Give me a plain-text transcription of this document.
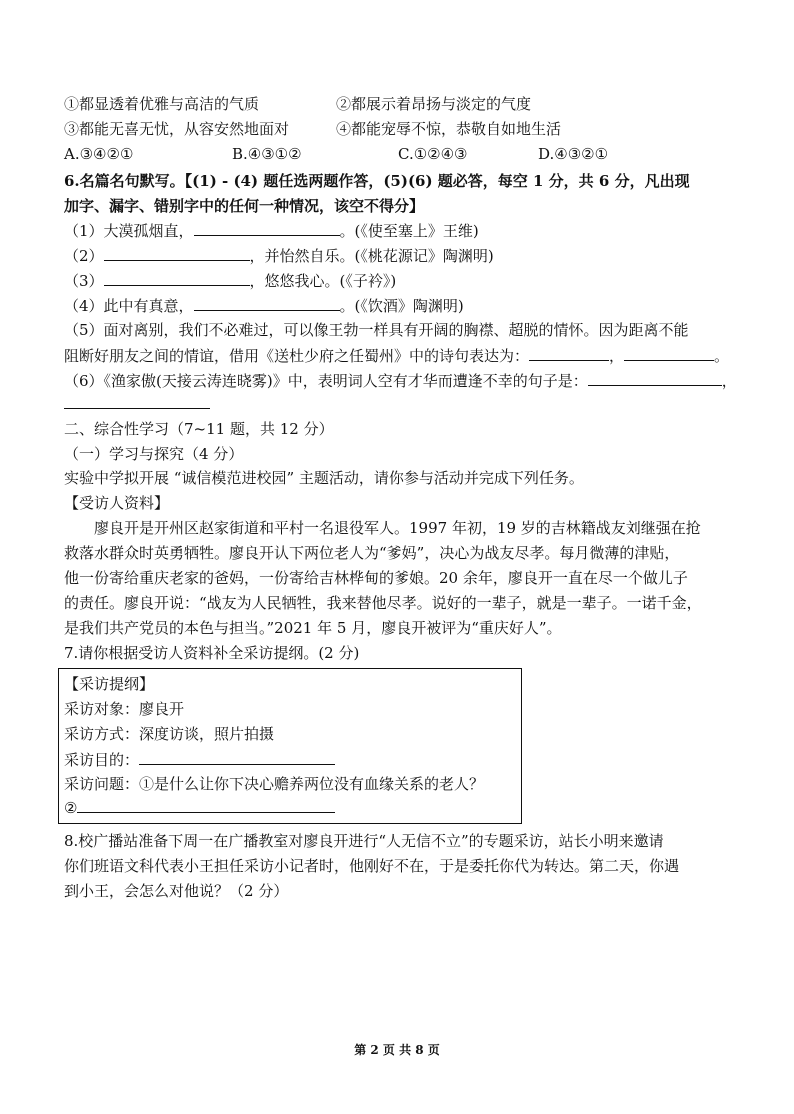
①都显透着优雅与高洁的气质	②都展示着昂扬与淡定的气度
③都能无喜无忧，从容安然地面对	④都能宠辱不惊，恭敬自如地生活
A.③④②①	B.④③①②	C.①②④③	D.④③②①
6.名篇名句默写。【(1) - (4) 题任选两题作答，(5)(6) 题必答，每空 1 分，共 6 分，凡出现
加字、漏字、错别字中的任何一种情况，该空不得分】
（1）大漠孤烟直，	。(《使至塞上》王维)
（2）	，并怡然自乐。(《桃花源记》陶渊明)
（3）	，悠悠我心。(《子衿》)
（4）此中有真意，	。(《饮酒》陶渊明)
（5）面对离别，我们不必难过，可以像王勃一样具有开阔的胸襟、超脱的情怀。因为距离不能
阻断好朋友之间的情谊，借用《送杜少府之任蜀州》中的诗句表达为：	，	。
（6）《渔家傲(天接云涛连晓雾)》中，表明词人空有才华而遭逢不幸的句子是：	，
二、综合性学习（7~11 题，共 12 分）
（一）学习与探究（4 分）
实验中学拟开展 “诚信模范进校园” 主题活动，请你参与活动并完成下列任务。
【受访人资料】
廖良开是开州区赵家街道和平村一名退役军人。1997 年初，19 岁的吉林籍战友刘继强在抢
救落水群众时英勇牺牲。廖良开认下两位老人为“爹妈”，决心为战友尽孝。每月微薄的津贴，
他一份寄给重庆老家的爸妈，一份寄给吉林桦甸的爹娘。20 余年，廖良开一直在尽一个做儿子
的责任。廖良开说：“战友为人民牺牲，我来替他尽孝。说好的一辈子，就是一辈子。一诺千金，
是我们共产党员的本色与担当。”2021 年 5 月，廖良开被评为“重庆好人”。
7.请你根据受访人资料补全采访提纲。(2 分)
【采访提纲】
采访对象：廖良开
采访方式：深度访谈，照片拍摄
采访目的：
采访问题：①是什么让你下决心赡养两位没有血缘关系的老人？
②
8.校广播站准备下周一在广播教室对廖良开进行“人无信不立”的专题采访，站长小明来邀请
你们班语文科代表小王担任采访小记者时，他刚好不在，于是委托你代为转达。第二天，你遇
到小王，会怎么对他说？（2 分）
第 2 页 共 8 页
